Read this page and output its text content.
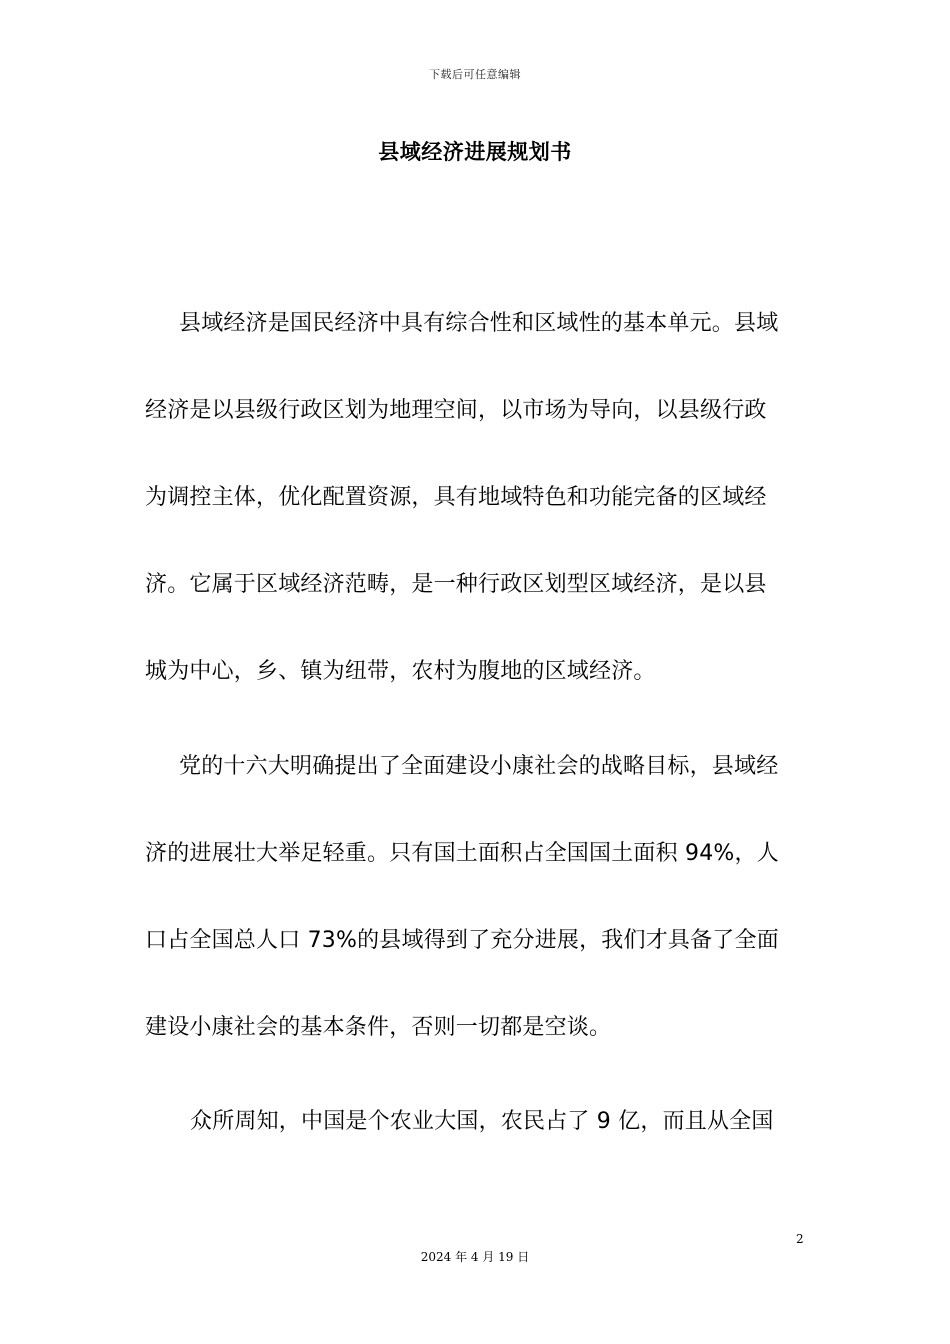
下载后可任意编辑
县域经济进展规划书
县域经济是国民经济中具有综合性和区域性的基本单元。县域
经济是以县级行政区划为地理空间，以市场为导向，以县级行政
为调控主体，优化配置资源，具有地域特色和功能完备的区域经
济。它属于区域经济范畴，是一种行政区划型区域经济，是以县
城为中心，乡、镇为纽带，农村为腹地的区域经济。
党的十六大明确提出了全面建设小康社会的战略目标，县域经
济的进展壮大举足轻重。只有国土面积占全国国土面积 94%，人
口占全国总人口 73%的县域得到了充分进展，我们才具备了全面
建设小康社会的基本条件，否则一切都是空谈。
众所周知，中国是个农业大国，农民占了 9 亿，而且从全国
2
2024 年 4 月 19 日
